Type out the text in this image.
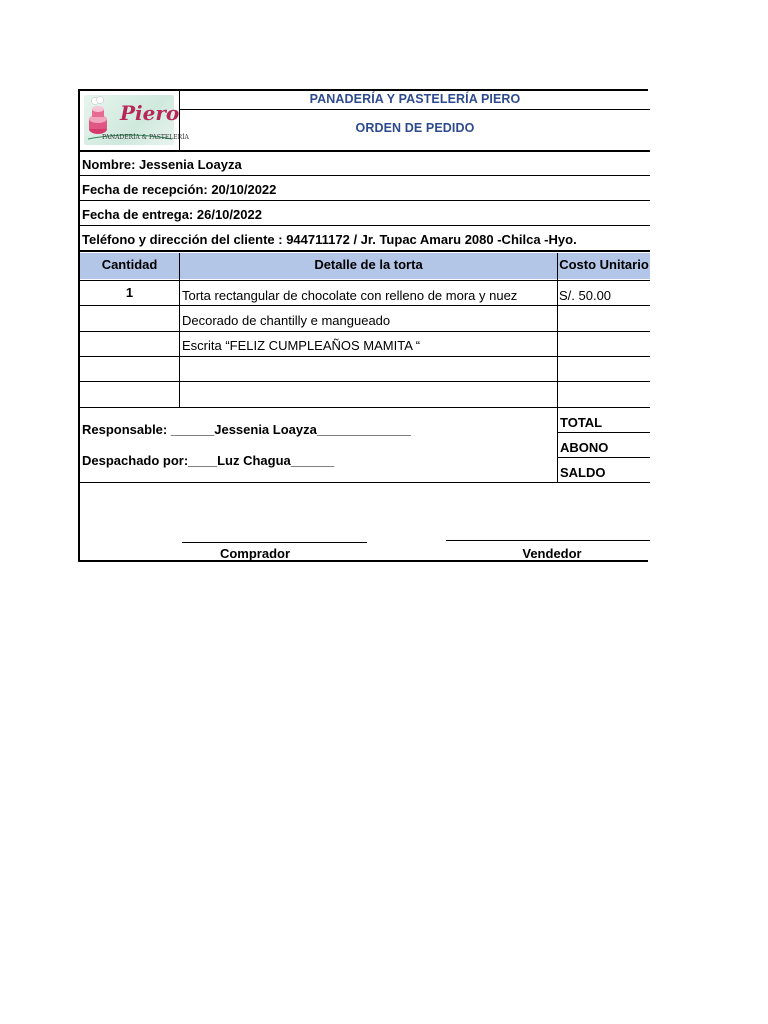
Piero
PANADERÍA & PASTELERÍA
PANADERÍA Y PASTELERÍA PIERO
ORDEN DE PEDIDO
Nombre: Jessenia Loayza
Fecha de recepción: 20/10/2022
Fecha de entrega: 26/10/2022
Teléfono y dirección del cliente : 944711172 / Jr. Tupac Amaru 2080 -Chilca -Hyo.
Cantidad	Detalle de la torta	Costo Unitario
1	Torta rectangular de chocolate con relleno de mora y nuez	S/. 50.00
Decorado de chantilly e mangueado
Escrita “FELIZ CUMPLEAÑOS MAMITA “
Responsable: ______Jessenia Loayza_____________
Despachado por:____Luz Chagua______
TOTAL
ABONO
SALDO
Comprador	Vendedor
